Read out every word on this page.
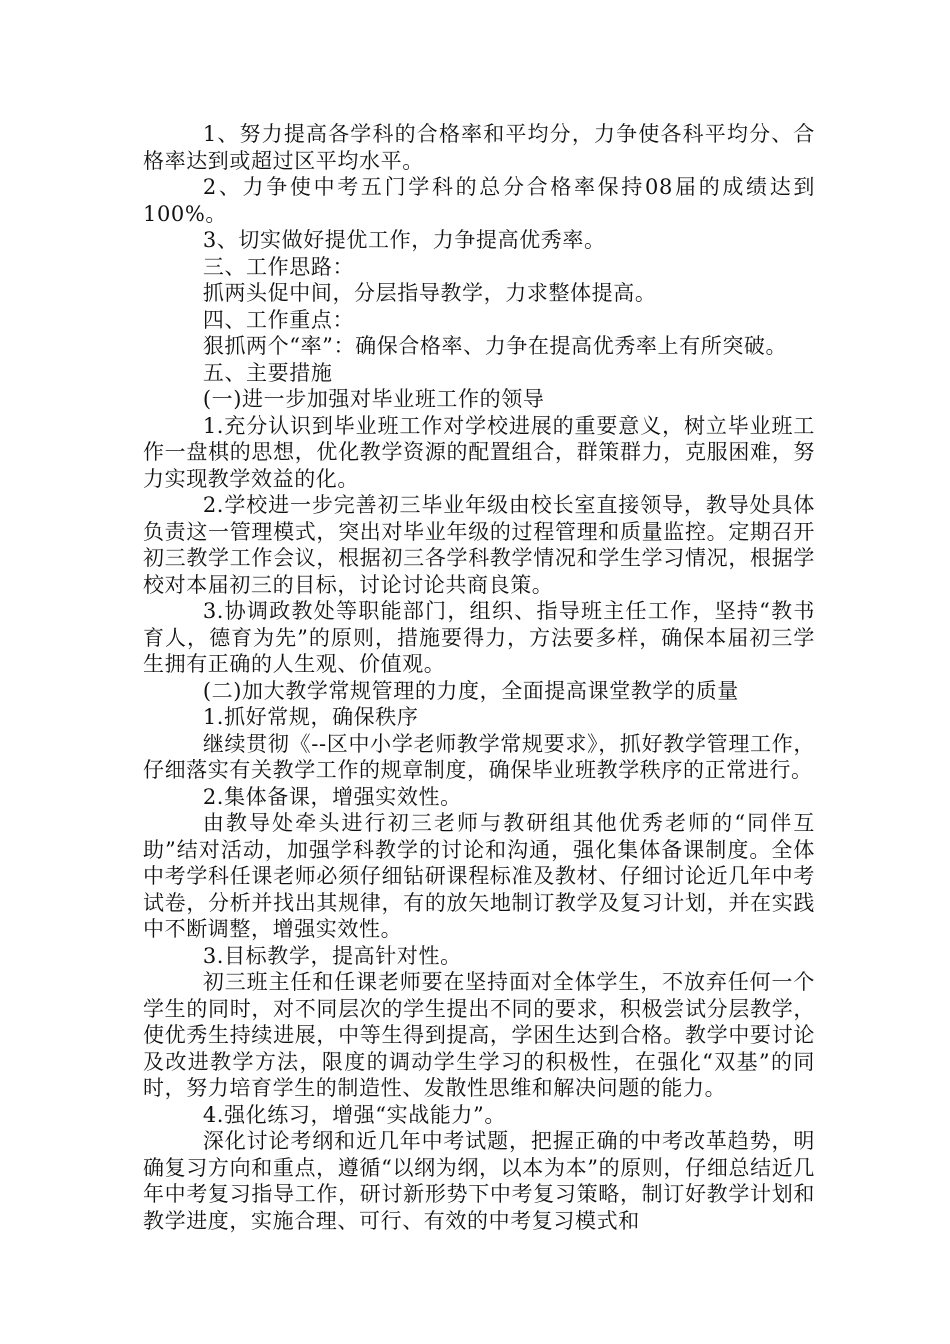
1、努力提高各学科的合格率和平均分，力争使各科平均分、合格率达到或超过区平均水平。

2、力争使中考五门学科的总分合格率保持08届的成绩达到100%。

3、切实做好提优工作，力争提高优秀率。

三、工作思路：

抓两头促中间，分层指导教学，力求整体提高。

四、工作重点：

狠抓两个“率”：确保合格率、力争在提高优秀率上有所突破。

五、主要措施

(一)进一步加强对毕业班工作的领导

1.充分认识到毕业班工作对学校进展的重要意义，树立毕业班工作一盘棋的思想，优化教学资源的配置组合，群策群力，克服困难，努力实现教学效益的化。

2.学校进一步完善初三毕业年级由校长室直接领导，教导处具体负责这一管理模式，突出对毕业年级的过程管理和质量监控。定期召开初三教学工作会议，根据初三各学科教学情况和学生学习情况，根据学校对本届初三的目标，讨论讨论共商良策。

3.协调政教处等职能部门，组织、指导班主任工作，坚持“教书育人，德育为先”的原则，措施要得力，方法要多样，确保本届初三学生拥有正确的人生观、价值观。

(二)加大教学常规管理的力度，全面提高课堂教学的质量

1.抓好常规，确保秩序

继续贯彻《--区中小学老师教学常规要求》，抓好教学管理工作，仔细落实有关教学工作的规章制度，确保毕业班教学秩序的正常进行。

2.集体备课，增强实效性。

由教导处牵头进行初三老师与教研组其他优秀老师的“同伴互助”结对活动，加强学科教学的讨论和沟通，强化集体备课制度。全体中考学科任课老师必须仔细钻研课程标准及教材、仔细讨论近几年中考试卷，分析并找出其规律，有的放矢地制订教学及复习计划，并在实践中不断调整，增强实效性。

3.目标教学，提高针对性。

初三班主任和任课老师要在坚持面对全体学生，不放弃任何一个学生的同时，对不同层次的学生提出不同的要求，积极尝试分层教学，使优秀生持续进展，中等生得到提高，学困生达到合格。教学中要讨论及改进教学方法，限度的调动学生学习的积极性，在强化“双基”的同时，努力培育学生的制造性、发散性思维和解决问题的能力。

4.强化练习，增强“实战能力”。

深化讨论考纲和近几年中考试题，把握正确的中考改革趋势，明确复习方向和重点，遵循“以纲为纲，以本为本”的原则，仔细总结近几年中考复习指导工作，研讨新形势下中考复习策略，制订好教学计划和教学进度，实施合理、可行、有效的中考复习模式和
